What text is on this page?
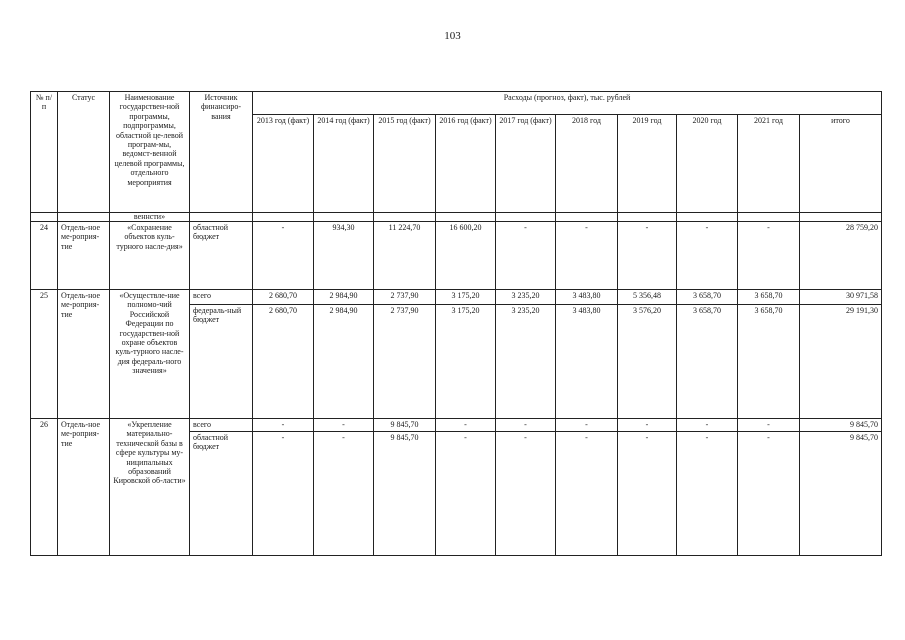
103
№ п/п	Статус	Наименование государствен-ной программы, подпрограммы, областной це-левой програм-мы, ведомст-венной целевой программы, отдельного мероприятия	Источник финансиро-вания	Расходы (прогноз, факт), тыс. рублей									
				2013 год (факт)	2014 год (факт)	2015 год (факт)	2016 год (факт)	2017 год (факт)	2018 год	2019 год	2020 год	2021 год	итого
		веннсти»											
24	Отдель-ное ме-роприя-тие	«Сохранение объектов куль-турного насле-дия»	областной бюджет	-	934,30	11 224,70	16 600,20	-	-	-	-	-	28 759,20
25	Отдель-ное ме-роприя-тие	«Осуществле-ние полномо-чий Российской Федерации по государствен-ной охране объектов куль-турного насле-дия федераль-ного значения»	всего	2 680,70	2 984,90	2 737,90	3 175,20	3 235,20	3 483,80	5 356,48	3 658,70	3 658,70	30 971,58
			федераль-ный бюджет	2 680,70	2 984,90	2 737,90	3 175,20	3 235,20	3 483,80	3 576,20	3 658,70	3 658,70	29 191,30
26	Отдель-ное ме-роприя-тие	«Укрепление материально-технической базы в сфере культуры му-ниципальных образований Кировской об-ласти»	всего	-	-	9 845,70	-	-	-	-	-	-	9 845,70
			областной бюджет	-	-	9 845,70	-	-	-	-	-	-	9 845,70
